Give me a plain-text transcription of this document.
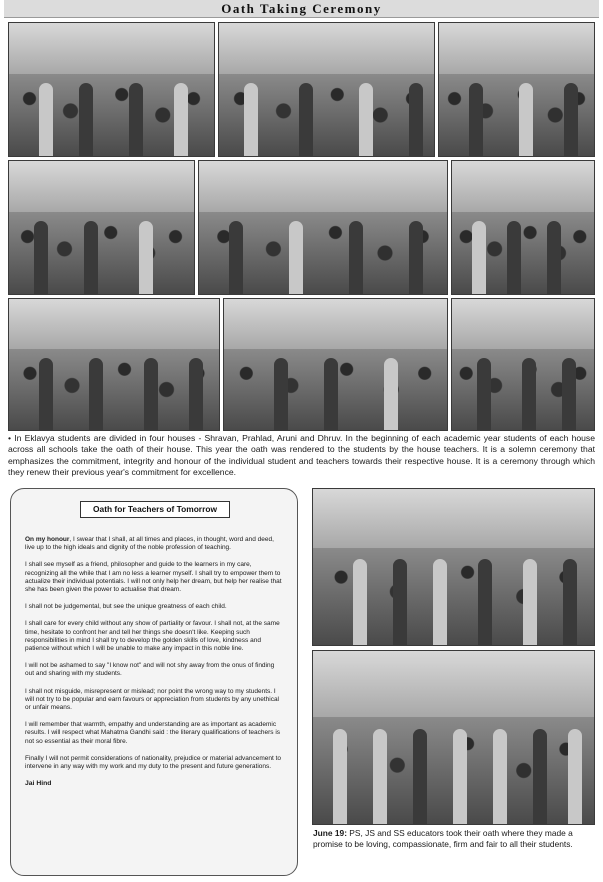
Oath Taking Ceremony

• In Eklavya students are divided in four houses - Shravan, Prahlad, Aruni and Dhruv. In the beginning of each academic year students of each house across all schools take the oath of their house. This year the oath was rendered to the students by the house teachers. It is a solemn ceremony that emphasizes the commitment, integrity and honour of the individual student and teachers towards their respective house. It is a ceremony through which they renew their previous year's commitment for excellence.

Oath for Teachers of Tomorrow

On my honour, I swear that I shall, at all times and places, in thought, word and deed, live up to the high ideals and dignity of the noble profession of teaching.

I shall see myself as a friend, philosopher and guide to the learners in my care, recognizing all the while that I am no less a learner myself. I shall try to empower them to actualize their individual potentials. I will not only help her dream, but help her realise that she has been given the power to actualise that dream.

I shall not be judgemental, but see the unique greatness of each child.

I shall care for every child without any show of partiality or favour. I shall not, at the same time, hesitate to confront her and tell her things she doesn't like. Keeping such responsibilities in mind I shall try to develop the golden skills of love, kindness and patience without which I will be unable to make any impact in this noble line.

I will not be ashamed to say "I know not" and will not shy away from the onus of finding out and sharing with my students.

I shall not misguide, misrepresent or mislead; nor point the wrong way to my students. I will not try to be popular and earn favours or appreciation from students by any unethical or unfair means.

I will remember that warmth, empathy and understanding are as important as academic results. I will respect what Mahatma Gandhi said : the literary qualifications of teachers is not so essential as their moral fibre.

Finally I will not permit considerations of nationality, prejudice or material advancement to intervene in any way with my work and my duty to the present and future generations.

Jai Hind

June 19: PS, JS and SS educators took their oath where they made a promise to be loving, compassionate, firm and fair to all their students.
